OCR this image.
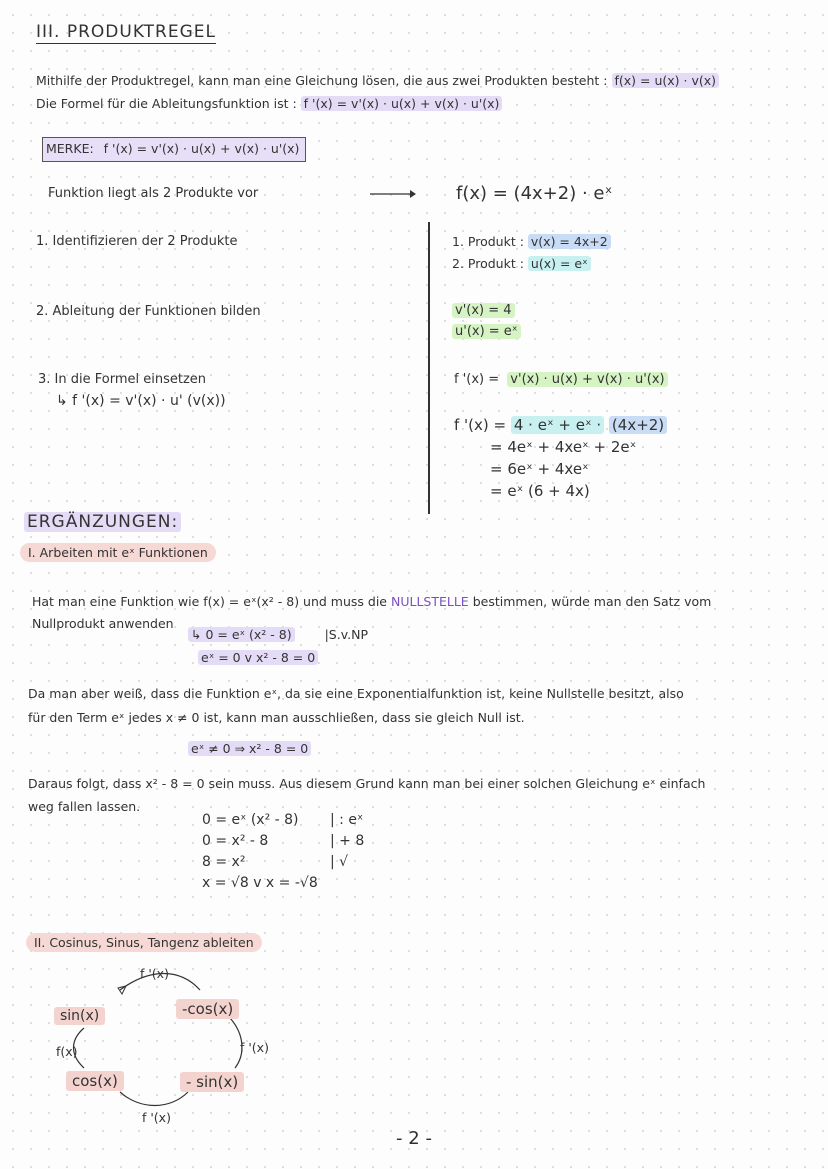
III. PRODUKTREGEL
Mithilfe der Produktregel, kann man eine Gleichung lösen, die aus zwei Produkten besteht : f(x) = u(x) · v(x)
Die Formel für die Ableitungsfunktion ist : f '(x) = v'(x) · u(x) + v(x) · u'(x)
MERKE: f '(x) = v'(x) · u(x) + v(x) · u'(x)
Funktion liegt als 2 Produkte vor
1. Identifizieren der 2 Produkte
2. Ableitung der Funktionen bilden
3. In die Formel einsetzen
↳ f '(x) = v'(x) · u' (v(x))
f(x) = (4x+2) · eˣ
1. Produkt : v(x) = 4x+2
2. Produkt : u(x) = eˣ
v'(x) = 4
u'(x) = eˣ
f '(x) = v'(x) · u(x) + v(x) · u'(x)
f '(x) = 4 · eˣ + eˣ · (4x+2)
= 4eˣ + 4xeˣ + 2eˣ
= 6eˣ + 4xeˣ
= eˣ (6 + 4x)
ERGÄNZUNGEN:
I. Arbeiten mit eˣ Funktionen
Hat man eine Funktion wie f(x) = eˣ(x² - 8) und muss die NULLSTELLE bestimmen, würde man den Satz vom
Nullprodukt anwenden
↳ 0 = eˣ (x² - 8)	|S.v.NP
eˣ = 0 v x² - 8 = 0
Da man aber weiß, dass die Funktion eˣ, da sie eine Exponentialfunktion ist, keine Nullstelle besitzt, also
für den Term eˣ jedes x ≠ 0 ist, kann man ausschließen, dass sie gleich Null ist.
eˣ ≠ 0 ⇒ x² - 8 = 0
Daraus folgt, dass x² - 8 = 0 sein muss. Aus diesem Grund kann man bei einer solchen Gleichung eˣ einfach
weg fallen lassen.
0 = eˣ (x² - 8) | : eˣ
0 = x² - 8	| + 8
8 = x²	| √
x = √8 v x = -√8
II. Cosinus, Sinus, Tangenz ableiten
f '(x)
-cos(x)
sin(x)
f '(x)
f(x)
cos(x)	- sin(x)
f '(x)
- 2 -
